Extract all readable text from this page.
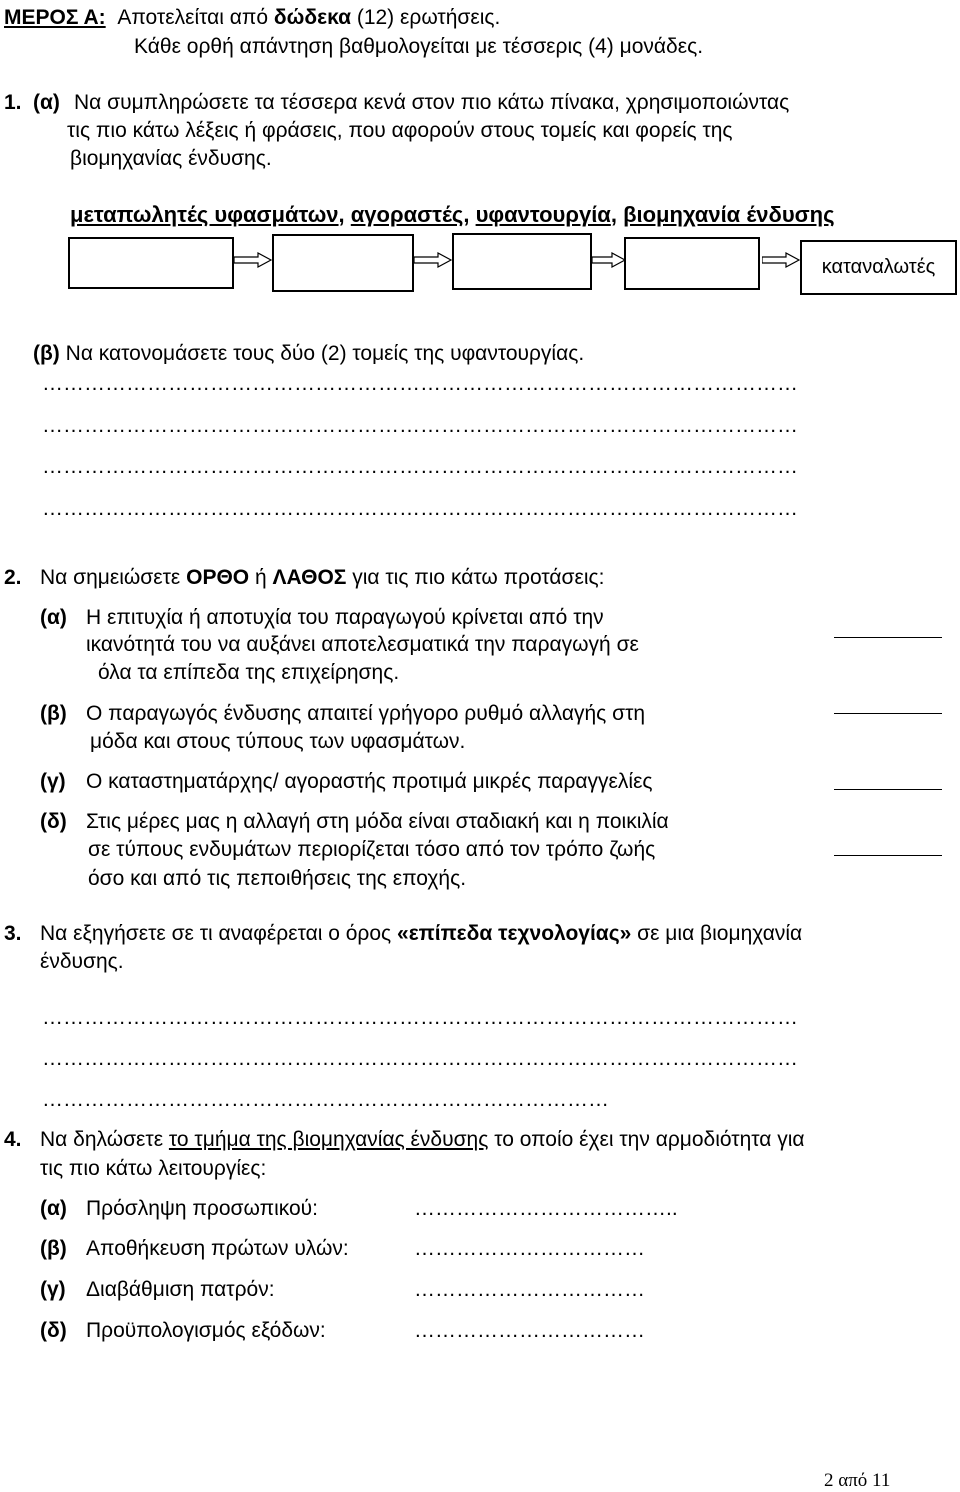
ΜΕΡΟΣ Α: Αποτελείται από δώδεκα (12) ερωτήσεις.
Κάθε ορθή απάντηση βαθμολογείται με τέσσερις (4) μονάδες.
1. (α) Να συμπληρώσετε τα τέσσερα κενά στον πιο κάτω πίνακα, χρησιμοποιώντας
τις πιο κάτω λέξεις ή φράσεις, που αφορούν στους τομείς και φορείς της
βιομηχανίας ένδυσης.
μεταπωλητές υφασμάτων, αγοραστές, υφαντουργία, βιομηχανία ένδυσης
καταναλωτές
(β) Να κατονομάσετε τους δύο (2) τομείς της υφαντουργίας.
………………………………………………………………………………………………
………………………………………………………………………………………………
………………………………………………………………………………………………
………………………………………………………………………………………………
2. Να σημειώσετε ΟΡΘΟ ή ΛΑΘΟΣ για τις πιο κάτω προτάσεις:
(α) Η επιτυχία ή αποτυχία του παραγωγού κρίνεται από την
ικανότητά του να αυξάνει αποτελεσματικά την παραγωγή σε
όλα τα επίπεδα της επιχείρησης.
(β) Ο παραγωγός ένδυσης απαιτεί γρήγορο ρυθμό αλλαγής στη
μόδα και στους τύπους των υφασμάτων.
(γ) Ο καταστηματάρχης/ αγοραστής προτιμά μικρές παραγγελίες
(δ) Στις μέρες μας η αλλαγή στη μόδα είναι σταδιακή και η ποικιλία
σε τύπους ενδυμάτων περιορίζεται τόσο από τον τρόπο ζωής
όσο και από τις πεποιθήσεις της εποχής.
3. Να εξηγήσετε σε τι αναφέρεται ο όρος «επίπεδα τεχνολογίας» σε μια βιομηχανία
ένδυσης.
………………………………………………………………………………………………
………………………………………………………………………………………………
………………………………………………………………………
4. Να δηλώσετε το τμήμα της βιομηχανίας ένδυσης το οποίο έχει την αρμοδιότητα για
τις πιο κάτω λειτουργίες:
(α) Πρόσληψη προσωπικού:	………………………………..
(β) Αποθήκευση πρώτων υλών:	……………………………
(γ) Διαβάθμιση πατρόν:	……………………………
(δ) Προϋπολογισμός εξόδων:	……………………………
2 από 11
